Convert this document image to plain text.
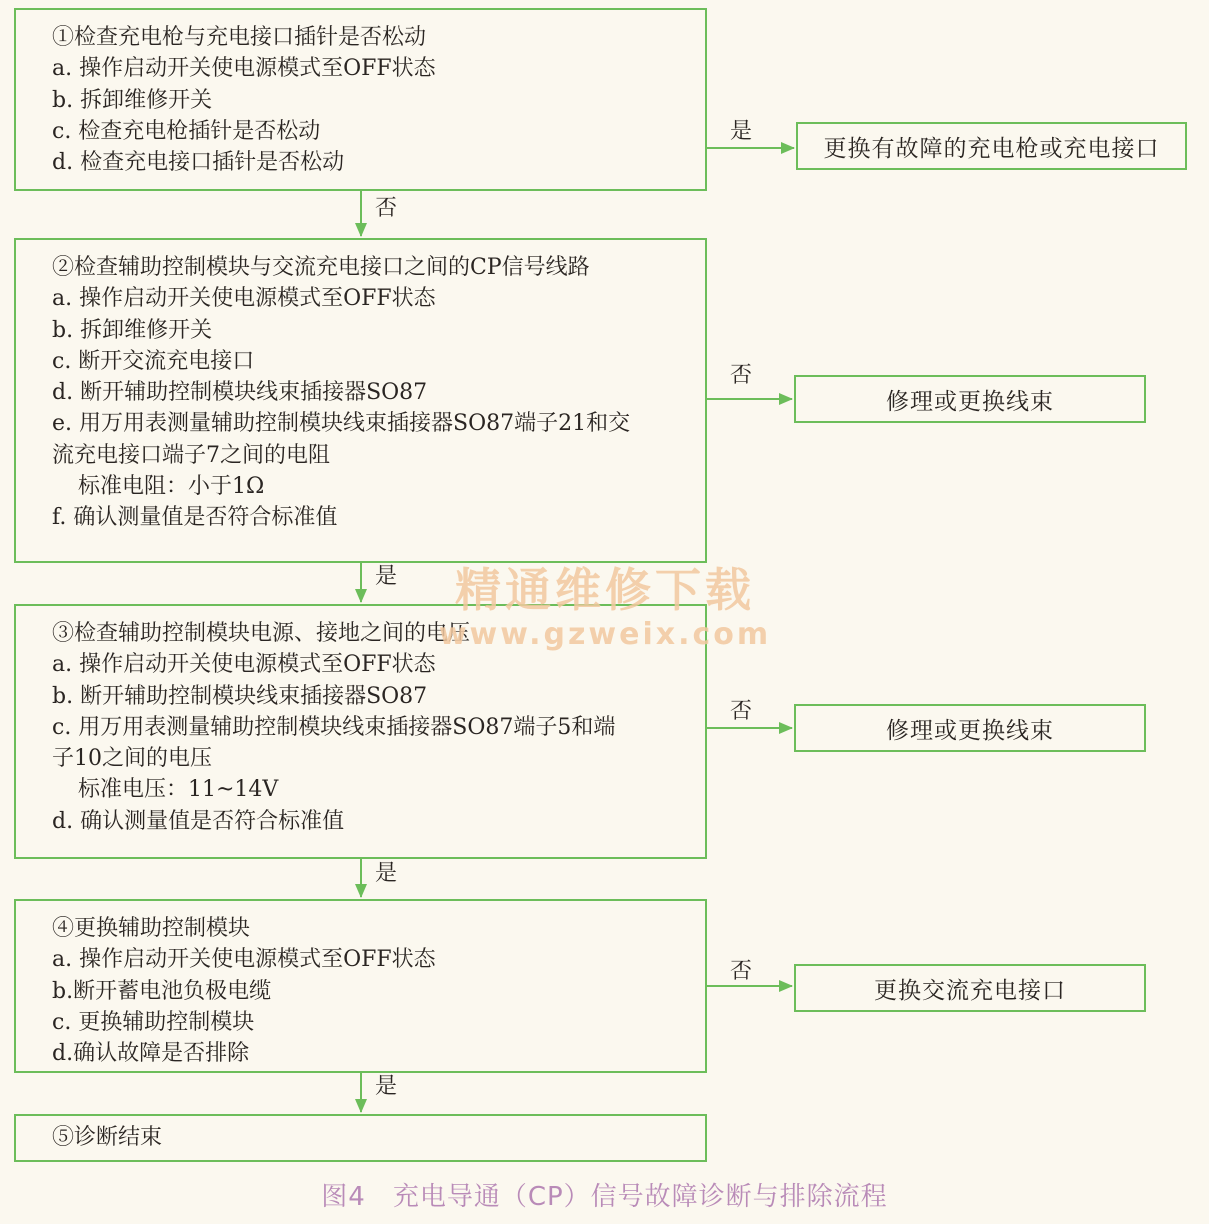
①检查充电枪与充电接口插针是否松动
a. 操作启动开关使电源模式至OFF状态
b. 拆卸维修开关
c. 检查充电枪插针是否松动
d. 检查充电接口插针是否松动
②检查辅助控制模块与交流充电接口之间的CP信号线路
a. 操作启动开关使电源模式至OFF状态
b. 拆卸维修开关
c. 断开交流充电接口
d. 断开辅助控制模块线束插接器SO87
e. 用万用表测量辅助控制模块线束插接器SO87端子21和交
流充电接口端子7之间的电阻
标准电阻：小于1Ω
f. 确认测量值是否符合标准值
③检查辅助控制模块电源、接地之间的电压
a. 操作启动开关使电源模式至OFF状态
b. 断开辅助控制模块线束插接器SO87
c. 用万用表测量辅助控制模块线束插接器SO87端子5和端
子10之间的电压
标准电压：11~14V
d. 确认测量值是否符合标准值
④更换辅助控制模块
a. 操作启动开关使电源模式至OFF状态
b.断开蓄电池负极电缆
c. 更换辅助控制模块
d.确认故障是否排除
⑤诊断结束
更换有故障的充电枪或充电接口
修理或更换线束
修理或更换线束
更换交流充电接口
是
否
否
否
否
是
是
是
精通维修下载
www.gzweix.com
图4　充电导通（CP）信号故障诊断与排除流程
